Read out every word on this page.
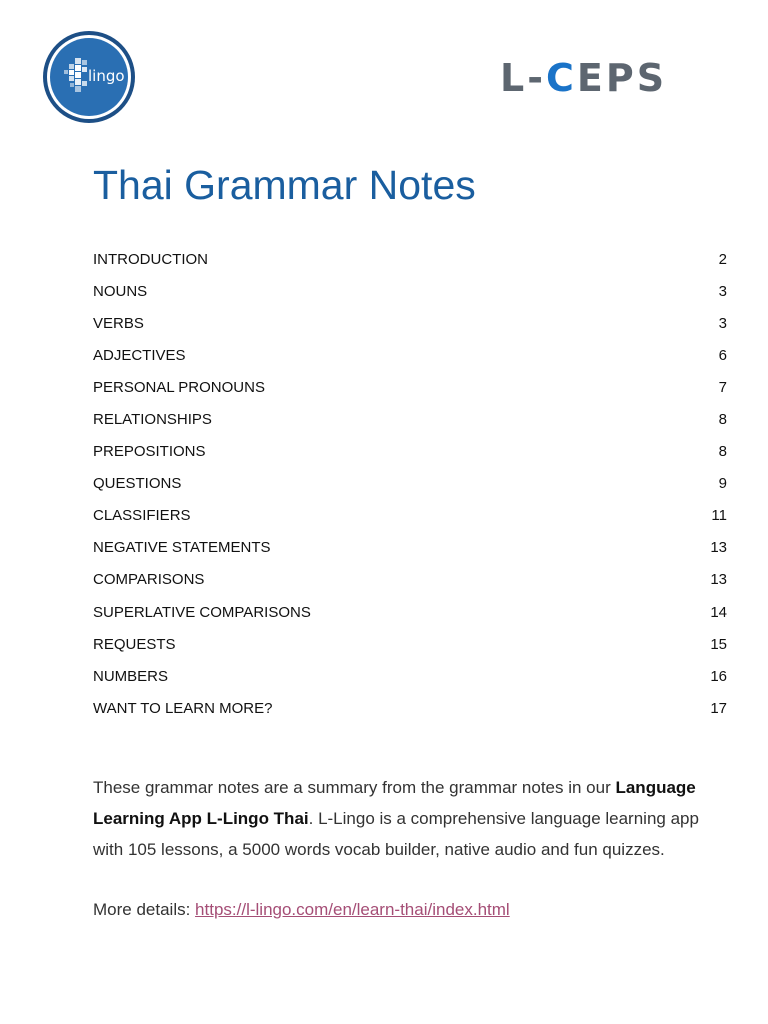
lingo	L-CEPS
Thai Grammar Notes
INTRODUCTION	2
NOUNS	3
VERBS	3
ADJECTIVES	6
PERSONAL PRONOUNS	7
RELATIONSHIPS	8
PREPOSITIONS	8
QUESTIONS	9
CLASSIFIERS	11
NEGATIVE STATEMENTS	13
COMPARISONS	13
SUPERLATIVE COMPARISONS	14
REQUESTS	15
NUMBERS	16
WANT TO LEARN MORE?	17

These grammar notes are a summary from the grammar notes in our Language Learning App L-Lingo Thai. L-Lingo is a comprehensive language learning app with 105 lessons, a 5000 words vocab builder, native audio and fun quizzes.

More details: https://l-lingo.com/en/learn-thai/index.html
